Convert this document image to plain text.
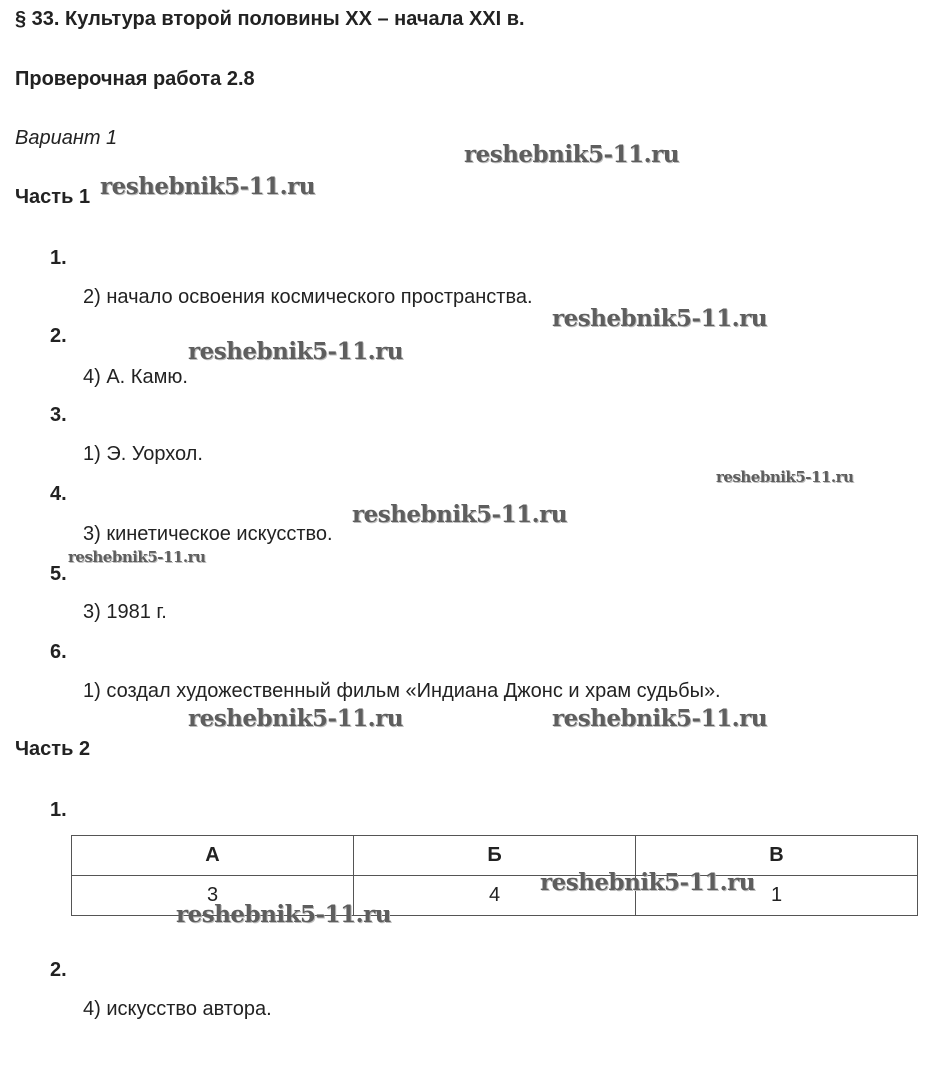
§ 33. Культура второй половины XX – начала XXI в.
Проверочная работа 2.8
Вариант 1
Часть 1
1.
2) начало освоения космического пространства.
2.
4) А. Камю.
3.
1) Э. Уорхол.
4.
3) кинетическое искусство.
5.
3) 1981 г.
6.
1) создал художественный фильм «Индиана Джонс и храм судьбы».
Часть 2
1.
А	Б	В
3	4	1
2.
4) искусство автора.
reshebnik5-11.ru
reshebnik5-11.ru
reshebnik5-11.ru
reshebnik5-11.ru
reshebnik5-11.ru
reshebnik5-11.ru
reshebnik5-11.ru
reshebnik5-11.ru	reshebnik5-11.ru
reshebnik5-11.ru
reshebnik5-11.ru
